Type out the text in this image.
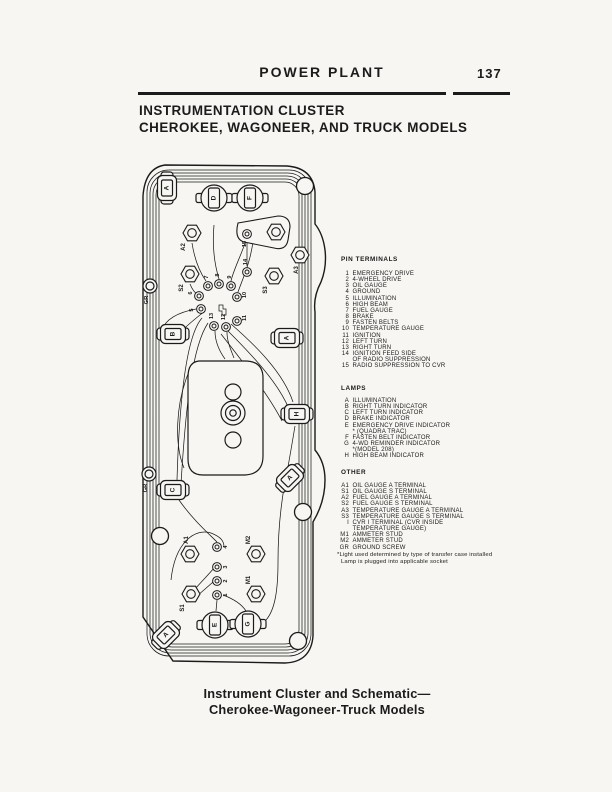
POWER PLANT	137
INSTRUMENTATION CLUSTER
CHEROKEE, WAGONEER, AND TRUCK MODELS
A
B
C
A
H
A
A
D	F
E	G
A2
S2
A3
S3
A1
S1
M2
M1
GR
GR
7
8
9
6
5
10
13 12	11
14
15
4
3
2
1
PIN TERMINALS
1 EMERGENCY DRIVE
2 4-WHEEL DRIVE
3 OIL GAUGE
4 GROUND
5 ILLUMINATION
6 HIGH BEAM
7 FUEL GAUGE
8 BRAKE
9 FASTEN BELTS
10 TEMPERATURE GAUGE
11 IGNITION
12 LEFT TURN
13 RIGHT TURN
14 IGNITION FEED SIDE
OF RADIO SUPPRESSION
15 RADIO SUPPRESSION TO CVR
LAMPS
A ILLUMINATION
B RIGHT TURN INDICATOR
C LEFT TURN INDICATOR
D BRAKE INDICATOR
E EMERGENCY DRIVE INDICATOR
* (QUADRA TRAC)
F FASTEN BELT INDICATOR
G 4-WD REMINDER INDICATOR
*(MODEL 208)
H HIGH BEAM INDICATOR
OTHER
A1 OIL GAUGE A TERMINAL
S1 OIL GAUGE S TERMINAL
A2 FUEL GAUGE A TERMINAL
S2 FUEL GAUGE S TERMINAL
A3 TEMPERATURE GAUGE A TERMINAL
S3 TEMPERATURE GAUGE S TERMINAL
I CVR I TERMINAL (CVR INSIDE
TEMPERATURE GAUGE)
M1 AMMETER STUD
M2 AMMETER STUD
GR GROUND SCREW
*Light used determined by type of transfer case installed
Lamp is plugged into applicable socket
Instrument Cluster and Schematic—
Cherokee-Wagoneer-Truck Models
